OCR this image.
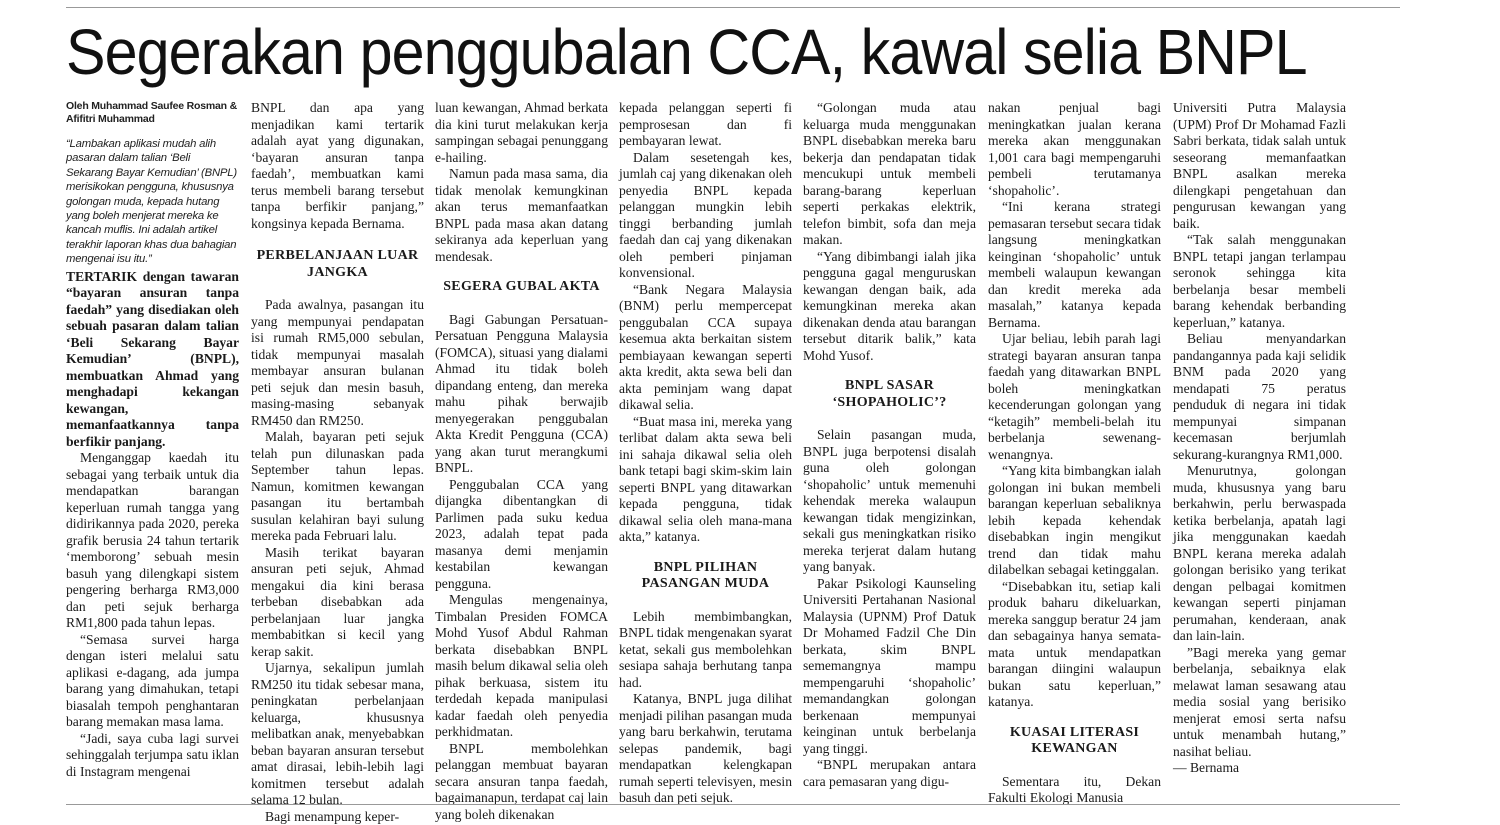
Segerakan penggubalan CCA, kawal selia BNPL
Oleh Muhammad Saufee Rosman & Afifitri Muhammad
“Lambakan aplikasi mudah alih pasaran dalam talian ‘Beli Sekarang Bayar Kemudian’ (BNPL) merisikokan pengguna, khususnya golongan muda, kepada hutang yang boleh menjerat mereka ke kancah muflis. Ini adalah artikel terakhir laporan khas dua bahagian mengenai isu itu.”

TERTARIK dengan tawaran “bayaran ansuran tanpa faedah” yang disediakan oleh sebuah pasaran dalam talian ‘Beli Sekarang Bayar Kemudian’ (BNPL), membuatkan Ahmad yang menghadapi kekangan kewangan, memanfaatkannya tanpa berfikir panjang.

Menganggap kaedah itu sebagai yang terbaik untuk dia mendapatkan barangan keperluan rumah tangga yang didirikannya pada 2020, pereka grafik berusia 24 tahun tertarik ‘memborong’ sebuah mesin basuh yang dilengkapi sistem pengering berharga RM3,000 dan peti sejuk berharga RM1,800 pada tahun lepas.

“Semasa survei harga dengan isteri melalui satu aplikasi e-dagang, ada jumpa barang yang dimahukan, tetapi biasalah tempoh penghantaran barang memakan masa lama.

“Jadi, saya cuba lagi survei sehinggalah terjumpa satu iklan di Instagram mengenai

BNPL dan apa yang menjadikan kami tertarik adalah ayat yang digunakan, ‘bayaran ansuran tanpa faedah’, membuatkan kami terus membeli barang tersebut tanpa berfikir panjang,” kongsinya kepada Bernama.

PERBELANJAAN LUAR JANGKA

Pada awalnya, pasangan itu yang mempunyai pendapatan isi rumah RM5,000 sebulan, tidak mempunyai masalah membayar ansuran bulanan peti sejuk dan mesin basuh, masing-masing sebanyak RM450 dan RM250.

Malah, bayaran peti sejuk telah pun dilunaskan pada September tahun lepas. Namun, komitmen kewangan pasangan itu bertambah susulan kelahiran bayi sulung mereka pada Februari lalu.

Masih terikat bayaran ansuran peti sejuk, Ahmad mengakui dia kini berasa terbeban disebabkan ada perbelanjaan luar jangka membabitkan si kecil yang kerap sakit.

Ujarnya, sekalipun jumlah RM250 itu tidak sebesar mana, peningkatan perbelanjaan keluarga, khususnya melibatkan anak, menyebabkan beban bayaran ansuran tersebut amat dirasai, lebih-lebih lagi komitmen tersebut adalah selama 12 bulan.

Bagi menampung keper-

luan kewangan, Ahmad berkata dia kini turut melakukan kerja sampingan sebagai penunggang e-hailing.

Namun pada masa sama, dia tidak menolak kemungkinan akan terus memanfaatkan BNPL pada masa akan datang sekiranya ada keperluan yang mendesak.

SEGERA GUBAL AKTA

Bagi Gabungan Persatuan-Persatuan Pengguna Malaysia (FOMCA), situasi yang dialami Ahmad itu tidak boleh dipandang enteng, dan mereka mahu pihak berwajib menyegerakan penggubalan Akta Kredit Pengguna (CCA) yang akan turut merangkumi BNPL.

Penggubalan CCA yang dijangka dibentangkan di Parlimen pada suku kedua 2023, adalah tepat pada masanya demi menjamin kestabilan kewangan pengguna.

Mengulas mengenainya, Timbalan Presiden FOMCA Mohd Yusof Abdul Rahman berkata disebabkan BNPL masih belum dikawal selia oleh pihak berkuasa, sistem itu terdedah kepada manipulasi kadar faedah oleh penyedia perkhidmatan.

BNPL membolehkan pelanggan membuat bayaran secara ansuran tanpa faedah, bagaimanapun, terdapat caj lain yang boleh dikenakan

kepada pelanggan seperti fi pemprosesan dan fi pembayaran lewat.

Dalam sesetengah kes, jumlah caj yang dikenakan oleh penyedia BNPL kepada pelanggan mungkin lebih tinggi berbanding jumlah faedah dan caj yang dikenakan oleh pemberi pinjaman konvensional.

“Bank Negara Malaysia (BNM) perlu mempercepat penggubalan CCA supaya kesemua akta berkaitan sistem pembiayaan kewangan seperti akta kredit, akta sewa beli dan akta peminjam wang dapat dikawal selia.

“Buat masa ini, mereka yang terlibat dalam akta sewa beli ini sahaja dikawal selia oleh bank tetapi bagi skim-skim lain seperti BNPL yang ditawarkan kepada pengguna, tidak dikawal selia oleh mana-mana akta,” katanya.

BNPL PILIHAN PASANGAN MUDA

Lebih membimbangkan, BNPL tidak mengenakan syarat ketat, sekali gus membolehkan sesiapa sahaja berhutang tanpa had.

Katanya, BNPL juga dilihat menjadi pilihan pasangan muda yang baru berkahwin, terutama selepas pandemik, bagi mendapatkan kelengkapan rumah seperti televisyen, mesin basuh dan peti sejuk.

“Golongan muda atau keluarga muda menggunakan BNPL disebabkan mereka baru bekerja dan pendapatan tidak mencukupi untuk membeli barang-barang keperluan seperti perkakas elektrik, telefon bimbit, sofa dan meja makan.

“Yang dibimbangi ialah jika pengguna gagal menguruskan kewangan dengan baik, ada kemungkinan mereka akan dikenakan denda atau barangan tersebut ditarik balik,” kata Mohd Yusof.

BNPL SASAR ‘SHOPAHOLIC’?

Selain pasangan muda, BNPL juga berpotensi disalah guna oleh golongan ‘shopaholic’ untuk memenuhi kehendak mereka walaupun kewangan tidak mengizinkan, sekali gus meningkatkan risiko mereka terjerat dalam hutang yang banyak.

Pakar Psikologi Kaunseling Universiti Pertahanan Nasional Malaysia (UPNM) Prof Datuk Dr Mohamed Fadzil Che Din berkata, skim BNPL sememangnya mampu mempengaruhi ‘shopaholic’ memandangkan golongan berkenaan mempunyai keinginan untuk berbelanja yang tinggi.

“BNPL merupakan antara cara pemasaran yang digu-

nakan penjual bagi meningkatkan jualan kerana mereka akan menggunakan 1,001 cara bagi mempengaruhi pembeli terutamanya ‘shopaholic’.

“Ini kerana strategi pemasaran tersebut secara tidak langsung meningkatkan keinginan ‘shopaholic’ untuk membeli walaupun kewangan dan kredit mereka ada masalah,” katanya kepada Bernama.

Ujar beliau, lebih parah lagi strategi bayaran ansuran tanpa faedah yang ditawarkan BNPL boleh meningkatkan kecenderungan golongan yang “ketagih” membeli-belah itu berbelanja sewenang-wenangnya.

“Yang kita bimbangkan ialah golongan ini bukan membeli barangan keperluan sebaliknya lebih kepada kehendak disebabkan ingin mengikut trend dan tidak mahu dilabelkan sebagai ketinggalan.

“Disebabkan itu, setiap kali produk baharu dikeluarkan, mereka sanggup beratur 24 jam dan sebagainya hanya semata-mata untuk mendapatkan barangan diingini walaupun bukan satu keperluan,” katanya.

KUASAI LITERASI KEWANGAN

Sementara itu, Dekan Fakulti Ekologi Manusia

Universiti Putra Malaysia (UPM) Prof Dr Mohamad Fazli Sabri berkata, tidak salah untuk seseorang memanfaatkan BNPL asalkan mereka dilengkapi pengetahuan dan pengurusan kewangan yang baik.

“Tak salah menggunakan BNPL tetapi jangan terlampau seronok sehingga kita berbelanja besar membeli barang kehendak berbanding keperluan,” katanya.

Beliau menyandarkan pandangannya pada kaji selidik BNM pada 2020 yang mendapati 75 peratus penduduk di negara ini tidak mempunyai simpanan kecemasan berjumlah sekurang-kurangnya RM1,000.

Menurutnya, golongan muda, khususnya yang baru berkahwin, perlu berwaspada ketika berbelanja, apatah lagi jika menggunakan kaedah BNPL kerana mereka adalah golongan berisiko yang terikat dengan pelbagai komitmen kewangan seperti pinjaman perumahan, kenderaan, anak dan lain-lain.

”Bagi mereka yang gemar berbelanja, sebaiknya elak melawat laman sesawang atau media sosial yang berisiko menjerat emosi serta nafsu untuk menambah hutang,” nasihat beliau.

— Bernama
